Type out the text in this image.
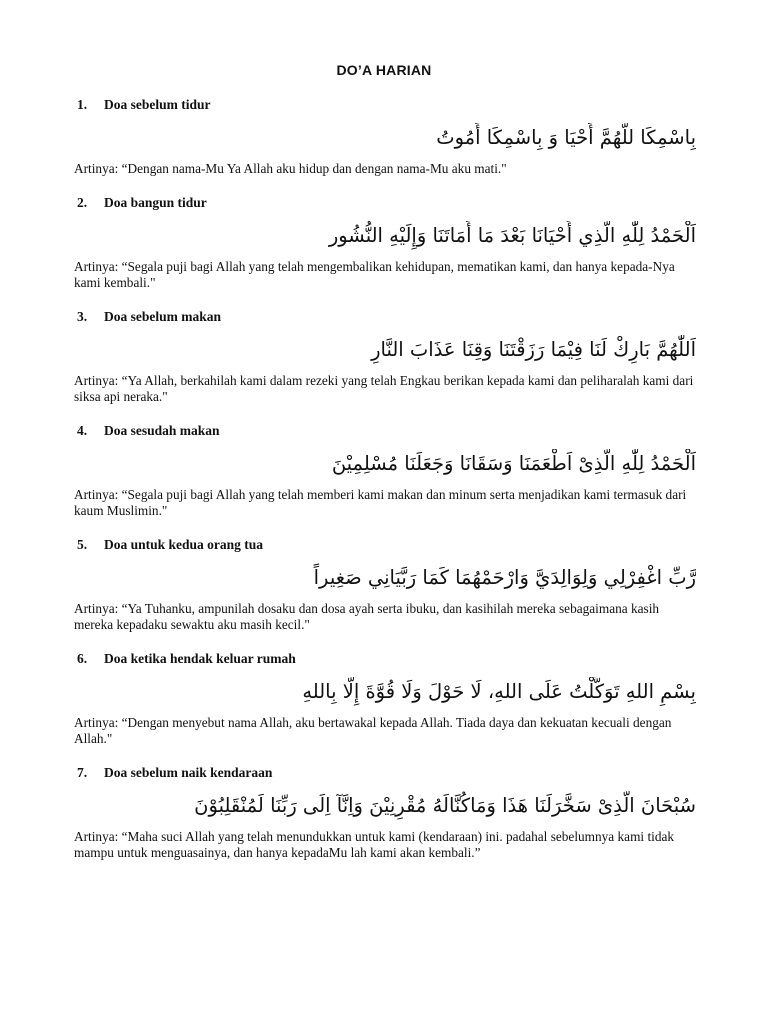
DO’A HARIAN
1.	Doa sebelum tidur
بِاسْمِكَا للَّهُمَّ أَحْيَا وَ بِاسْمِكَا أَمُوتُ
Artinya: “Dengan nama-Mu Ya Allah aku hidup dan dengan nama-Mu aku mati."
2.	Doa bangun tidur
اَلْحَمْدُ لِلّٰهِ الَّذِي أَحْيَانَا بَعْدَ مَا أَمَاتَنَا وَإِلَيْهِ النُّشُور
Artinya: “Segala puji bagi Allah yang telah mengembalikan kehidupan, mematikan kami, dan hanya kepada-Nya kami kembali."
3.	Doa sebelum makan
اَللّٰهُمَّ بَارِكْ لَنَا فِيْمَا رَزَقْتَنَا وَقِنَا عَذَابَ النَّارِ
Artinya: “Ya Allah, berkahilah kami dalam rezeki yang telah Engkau berikan kepada kami dan peliharalah kami dari siksa api neraka."
4.	Doa sesudah makan
اَلْحَمْدُ لِلّٰهِ الَّذِىْ اَطْعَمَنَا وَسَقَانَا وَجَعَلَنَا مُسْلِمِيْنَ
Artinya: “Segala puji bagi Allah yang telah memberi kami makan dan minum serta menjadikan kami termasuk dari kaum Muslimin."
5.	Doa untuk kedua orang tua
رَّبِّ اغْفِرْلِي وَلِوَالِدَيَّ وَارْحَمْهُمَا كَمَا رَبَّيَانِي صَغِيراً
Artinya: “Ya Tuhanku, ampunilah dosaku dan dosa ayah serta ibuku, dan kasihilah mereka sebagaimana kasih mereka kepadaku sewaktu aku masih kecil."
6.	Doa ketika hendak keluar rumah
بِسْمِ اللهِ تَوَكَّلْتُ عَلَى اللهِ، لَا حَوْلَ وَلَا قُوَّةَ إِلَّا بِاللهِ
Artinya: “Dengan menyebut nama Allah, aku bertawakal kepada Allah. Tiada daya dan kekuatan kecuali dengan Allah."
7.	Doa sebelum naik kendaraan
سُبْحَانَ الَّذِىْ سَخَّرَلَنَا هَذَا وَمَاكُنَّالَهُ مُقْرِنِيْنَ وَاِنَّآ اِلَى رَبِّنَا لَمُنْقَلِبُوْنَ
Artinya: “Maha suci Allah yang telah menundukkan untuk kami (kendaraan) ini. padahal sebelumnya kami tidak mampu untuk menguasainya, dan hanya kepadaMu lah kami akan kembali.”
